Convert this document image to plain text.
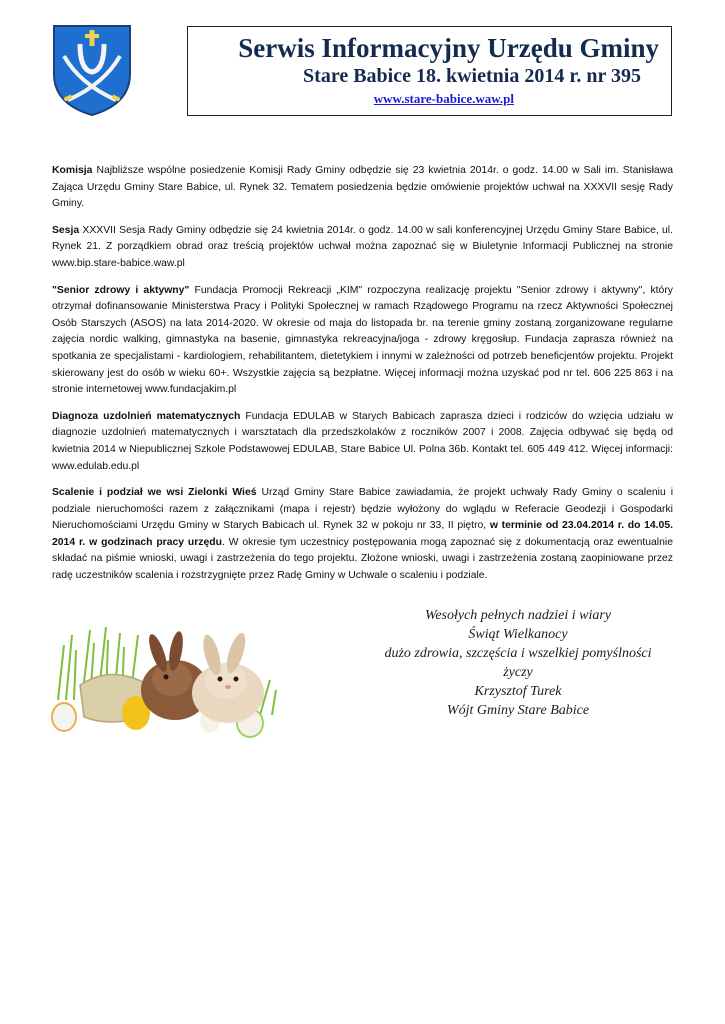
Serwis Informacyjny Urzędu Gminy
Stare Babice 18. kwietnia 2014 r. nr 395
www.stare-babice.waw.pl

Komisja Najbliższe wspólne posiedzenie Komisji Rady Gminy odbędzie się 23 kwietnia 2014r. o godz. 14.00 w Sali im. Stanisława Zająca Urzędu Gminy Stare Babice, ul. Rynek 32. Tematem posiedzenia będzie omówienie projektów uchwał na XXXVII sesję Rady Gminy.

Sesja XXXVII Sesja Rady Gminy odbędzie się 24 kwietnia 2014r. o godz. 14.00 w sali konferencyjnej Urzędu Gminy Stare Babice, ul. Rynek 21. Z porządkiem obrad oraz treścią projektów uchwał można zapoznać się w Biuletynie Informacji Publicznej na stronie www.bip.stare-babice.waw.pl

"Senior zdrowy i aktywny" Fundacja Promocji Rekreacji „KIM" rozpoczyna realizację projektu "Senior zdrowy i aktywny", który otrzymał dofinansowanie Ministerstwa Pracy i Polityki Społecznej w ramach Rządowego Programu na rzecz Aktywności Społecznej Osób Starszych (ASOS) na lata 2014-2020. W okresie od maja do listopada br. na terenie gminy zostaną zorganizowane regularne zajęcia nordic walking, gimnastyka na basenie, gimnastyka rekreacyjna/joga - zdrowy kręgosłup. Fundacja zaprasza również na spotkania ze specjalistami - kardiologiem, rehabilitantem, dietetykiem i innymi w zależności od potrzeb beneficjentów projektu. Projekt skierowany jest do osób w wieku 60+. Wszystkie zajęcia są bezpłatne. Więcej informacji można uzyskać pod nr tel. 606 225 863 i na stronie internetowej www.fundacjakim.pl

Diagnoza uzdolnień matematycznych Fundacja EDULAB w Starych Babicach zaprasza dzieci i rodziców do wzięcia udziału w diagnozie uzdolnień matematycznych i warsztatach dla przedszkolaków z roczników 2007 i 2008. Zajęcia odbywać się będą od kwietnia 2014 w Niepublicznej Szkole Podstawowej EDULAB, Stare Babice Ul. Polna 36b. Kontakt tel. 605 449 412. Więcej informacji: www.edulab.edu.pl

Scalenie i podział we wsi Zielonki Wieś Urząd Gminy Stare Babice zawiadamia, że projekt uchwały Rady Gminy o scaleniu i podziale nieruchomości razem z załącznikami (mapa i rejestr) będzie wyłożony do wglądu w Referacie Geodezji i Gospodarki Nieruchomościami Urzędu Gminy w Starych Babicach ul. Rynek 32 w pokoju nr 33, II piętro, w terminie od 23.04.2014 r. do 14.05. 2014 r. w godzinach pracy urzędu. W okresie tym uczestnicy postępowania mogą zapoznać się z dokumentacją oraz ewentualnie składać na piśmie wnioski, uwagi i zastrzeżenia do tego projektu. Złożone wnioski, uwagi i zastrzeżenia zostaną zaopiniowane przez radę uczestników scalenia i rozstrzygnięte przez Radę Gminy w Uchwale o scaleniu i podziale.

Wesołych pełnych nadziei i wiary
Świąt Wielkanocy
dużo zdrowia, szczęścia i wszelkiej pomyślności
życzy
Krzysztof Turek
Wójt Gminy Stare Babice
